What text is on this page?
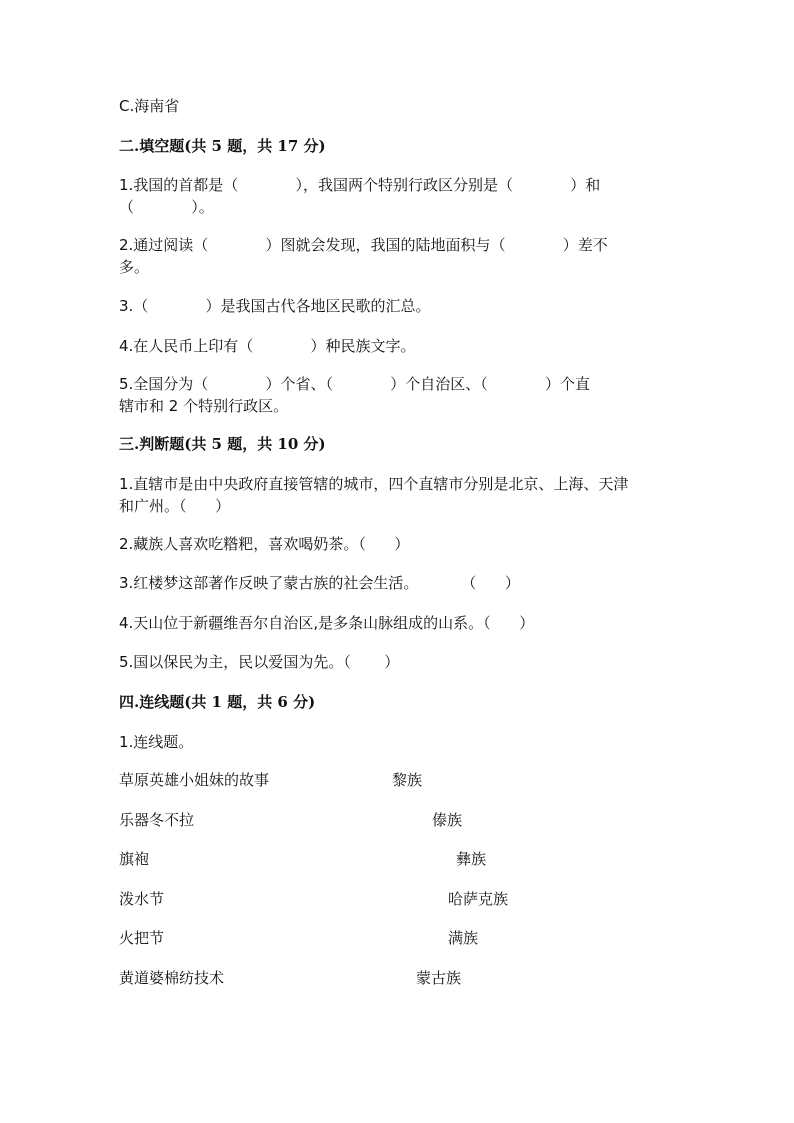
C.海南省

二.填空题(共 5 题，共 17 分)

1.我国的首都是（            ），我国两个特别行政区分别是（            ）和

（            ）。

2.通过阅读（            ）图就会发现，我国的陆地面积与（            ）差不

多。

3.（            ）是我国古代各地区民歌的汇总。

4.在人民币上印有（            ）种民族文字。

5.全国分为（            ）个省、（            ）个自治区、（            ）个直

辖市和 2 个特别行政区。

三.判断题(共 5 题，共 10 分)

1.直辖市是由中央政府直接管辖的城市，四个直辖市分别是北京、上海、天津

和广州。（      ）

2.藏族人喜欢吃糌粑，喜欢喝奶茶。（      ）

3.红楼梦这部著作反映了蒙古族的社会生活。         （      ）

4.天山位于新疆维吾尔自治区,是多条山脉组成的山系。（      ）

5.国以保民为主，民以爱国为先。（       ）

四.连线题(共 1 题，共 6 分)

1.连线题。

草原英雄小姐妹的故事	黎族
乐器冬不拉	傣族
旗袍	彝族
泼水节	哈萨克族
火把节	满族
黄道婆棉纺技术	蒙古族
